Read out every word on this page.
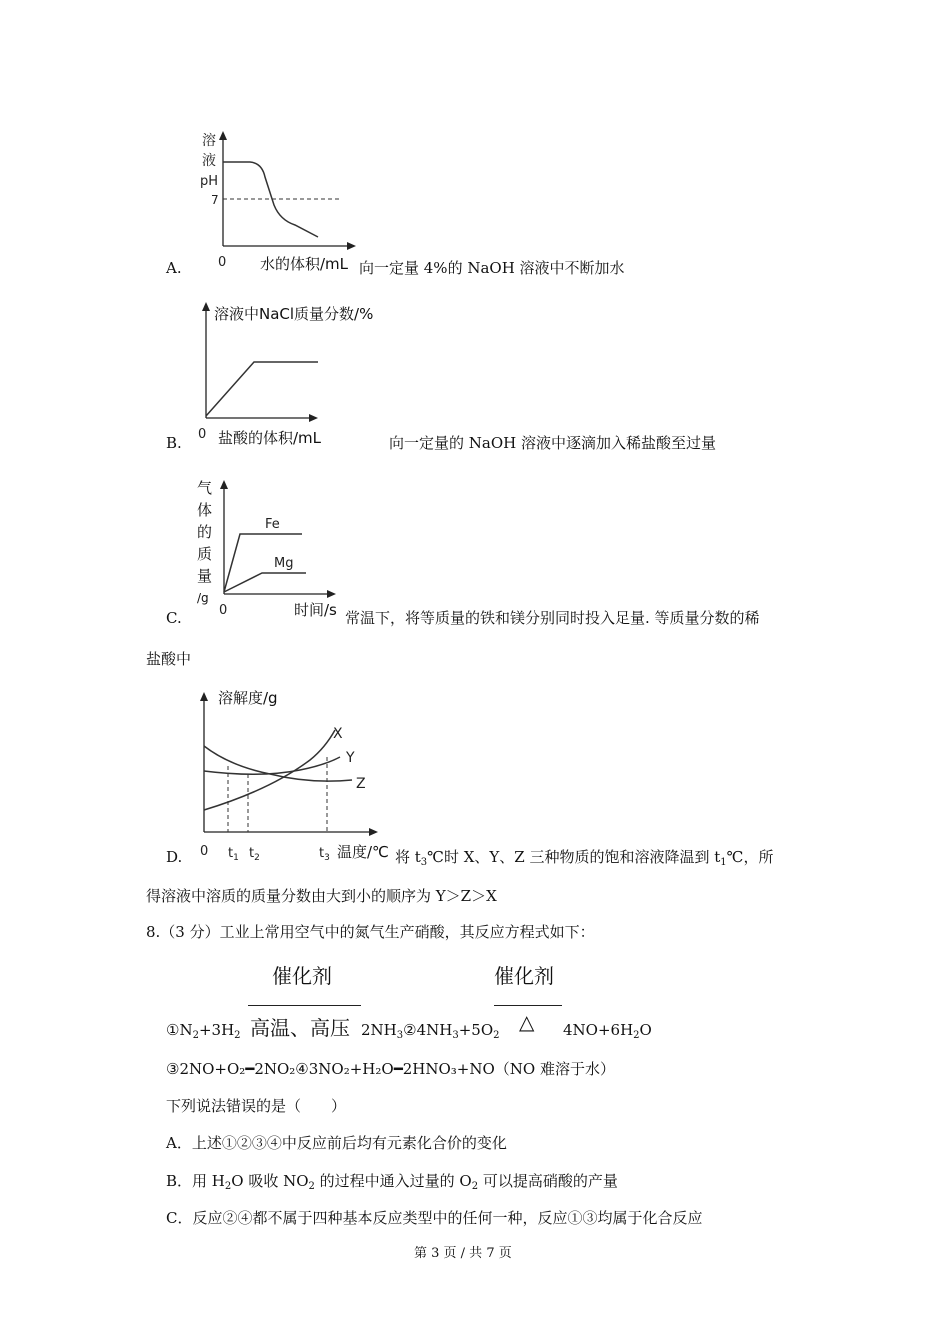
溶
液
pH
7
0
A.	水的体积/mL 向一定量 4%的 NaOH 溶液中不断加水
0
溶液中NaCl质量分数/%
B. 盐酸的体积/mL	向一定量的 NaOH 溶液中逐滴加入稀盐酸至过量
Fe
Mg
0
气
体
的
质
量
/g
C.	时间/s 常温下，将等质量的铁和镁分别同时投入足量. 等质量分数的稀
盐酸中
X
Y
Z
0 $t_1$ $t_2$	$t_3$
溶解度/g
D.	温度/℃ 将 $t_3℃$时 X、Y、Z 三种物质的饱和溶液降温到 $t_1℃$，所
得溶液中溶质的质量分数由大到小的顺序为 Y＞Z＞X
8.（3 分）工业上常用空气中的氮气生产硝酸，其反应方程式如下：
催化剂
高温、高压
催化剂
△
$①N_2+3H_2$	$2NH_3②4NH_3+5O_2$	$4NO+6H_2O$
③2NO+O₂━2NO₂④3NO₂+H₂O━2HNO₃+NO（NO 难溶于水）
下列说法错误的是（　　）
A．上述①②③④中反应前后均有元素化合价的变化
B．用 $H_2O$ 吸收 $NO_2$ 的过程中通入过量的 $O_2$ 可以提高硝酸的产量
C．反应②④都不属于四种基本反应类型中的任何一种，反应①③均属于化合反应
第 3 页 / 共 7 页
